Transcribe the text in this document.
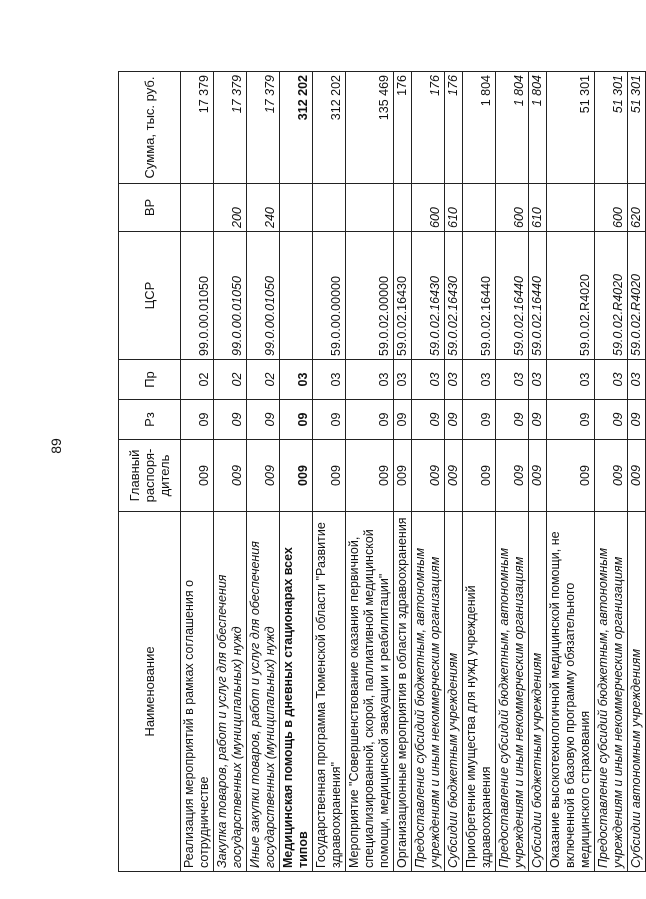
89
Наименование	Главный распоря-дитель	Рз	Пр	ЦСР	ВР	Сумма, тыс. руб.
Реализация мероприятий в рамках соглашения о сотрудничестве	009	09	02	99.0.00.01050		17 379
Закупка товаров, работ и услуг для обеспечения государственных (муниципальных) нужд	009	09	02	99.0.00.01050	200	17 379
Иные закупки товаров, работ и услуг для обеспечения государственных (муниципальных) нужд	009	09	02	99.0.00.01050	240	17 379
Медицинская помощь в дневных стационарах всех типов	009	09	03			312 202
Государственная программа Тюменской области "Развитие здравоохранения"	009	09	03	59.0.00.00000		312 202
Мероприятие "Совершенствование оказания первичной, специализированной, скорой, паллиативной медицинской помощи, медицинской эвакуации и реабилитации"	009	09	03	59.0.02.00000		135 469
Организационные мероприятия в области здравоохранения	009	09	03	59.0.02.16430		176
Предоставление субсидий бюджетным, автономным учреждениям и иным некоммерческим организациям	009	09	03	59.0.02.16430	600	176
Субсидии бюджетным учреждениям	009	09	03	59.0.02.16430	610	176
Приобретение имущества для нужд учреждений здравоохранения	009	09	03	59.0.02.16440		1 804
Предоставление субсидий бюджетным, автономным учреждениям и иным некоммерческим организациям	009	09	03	59.0.02.16440	600	1 804
Субсидии бюджетным учреждениям	009	09	03	59.0.02.16440	610	1 804
Оказание высокотехнологичной медицинской помощи, не включенной в базовую программу обязательного медицинского страхования	009	09	03	59.0.02.R4020		51 301
Предоставление субсидий бюджетным, автономным учреждениям и иным некоммерческим организациям	009	09	03	59.0.02.R4020	600	51 301
Субсидии автономным учреждениям	009	09	03	59.0.02.R4020	620	51 301
